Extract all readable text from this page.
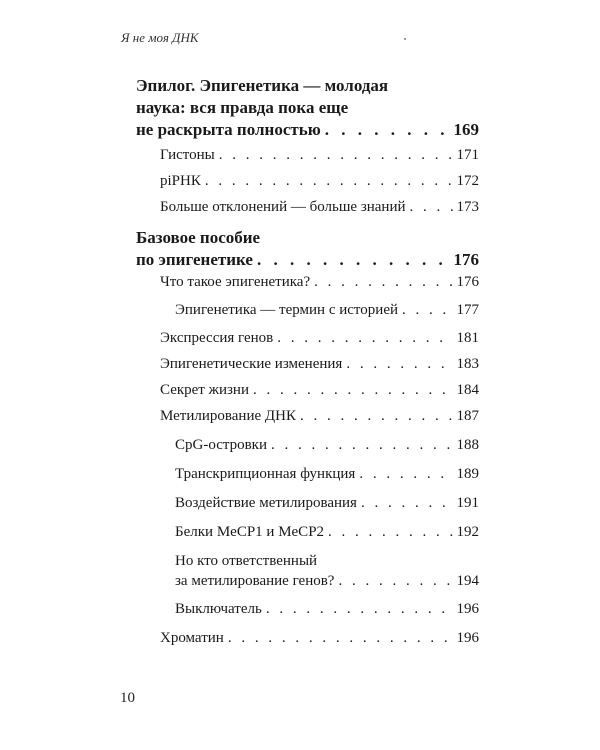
Я не моя ДНК
Эпилог. Эпигенетика — молодая
наука: вся правда пока еще
не раскрыта полностью . . .	169
Гистоны . . .	171
piРНК . . .	172
Больше отклонений — больше знаний . . .	173
Базовое пособие
по эпигенетике . . .	176
Что такое эпигенетика? . . .	176
Эпигенетика — термин с историей . . .	177
Экспрессия генов . . .	181
Эпигенетические изменения . . .	183
Секрет жизни . . .	184
Метилирование ДНК . . .	187
CpG-островки . . .	188
Транскрипционная функция . . .	189
Воздействие метилирования . . .	191
Белки MeCP1 и MeCP2 . . .	192
Но кто ответственный
за метилирование генов? . . .	194
Выключатель . . .	196
Хроматин . . .	196
10
